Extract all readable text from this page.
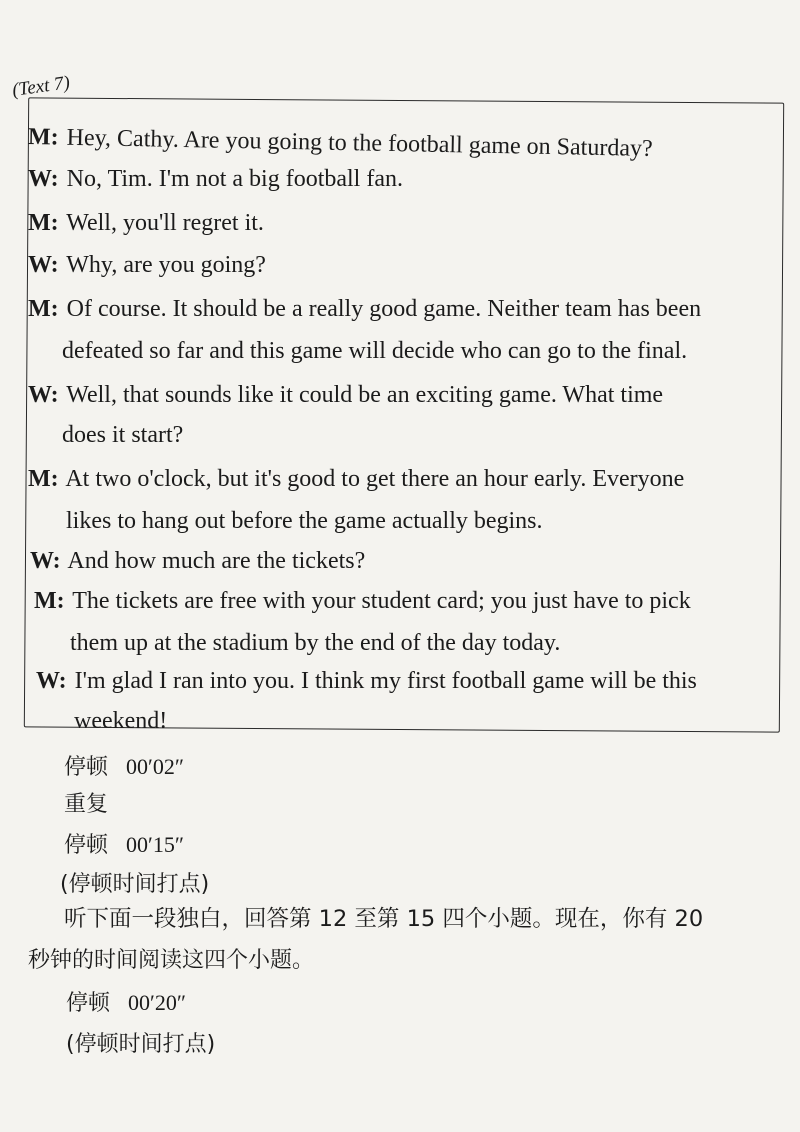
(Text 7)
M: Hey, Cathy. Are you going to the football game on Saturday?
W: No, Tim. I'm not a big football fan.
M: Well, you'll regret it.
W: Why, are you going?
M: Of course. It should be a really good game. Neither team has been
defeated so far and this game will decide who can go to the final.
W: Well, that sounds like it could be an exciting game. What time
does it start?
M: At two o'clock, but it's good to get there an hour early. Everyone
likes to hang out before the game actually begins.
W: And how much are the tickets?
M: The tickets are free with your student card; you just have to pick
them up at the stadium by the end of the day today.
W: I'm glad I ran into you. I think my first football game will be this
weekend!
停顿 00′02″
重复
停顿 00′15″
(停顿时间打点)
听下面一段独白，回答第 12 至第 15 四个小题。现在，你有 20
秒钟的时间阅读这四个小题。
停顿 00′20″
(停顿时间打点)
